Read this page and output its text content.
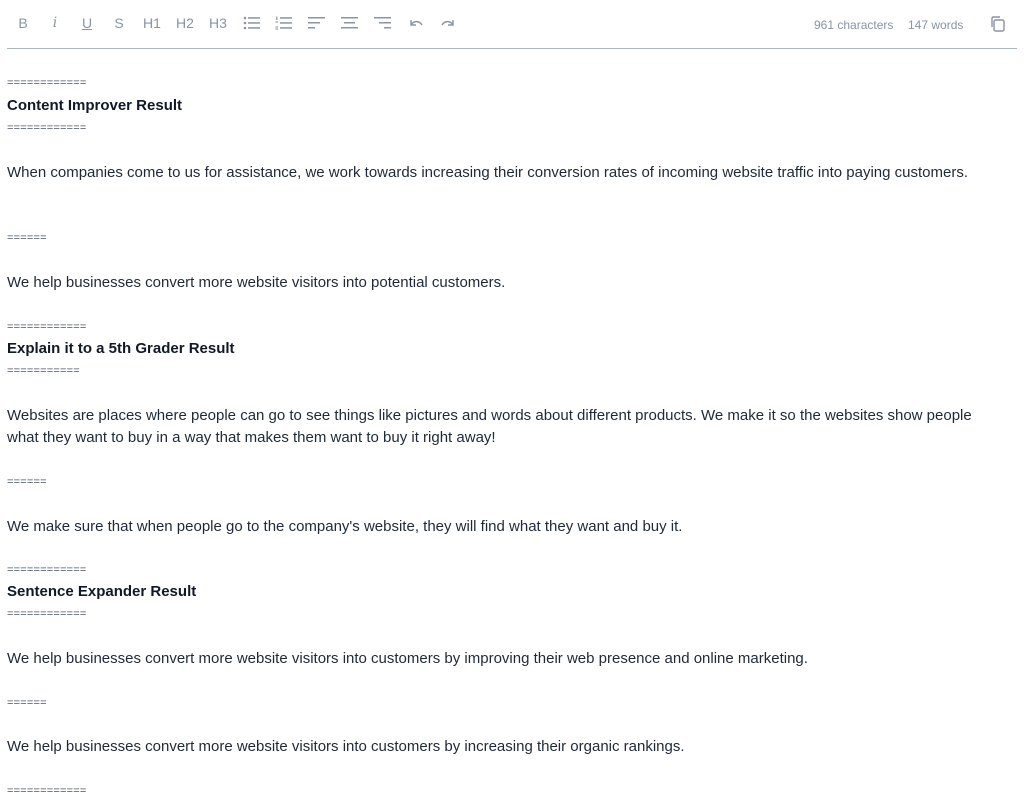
B	i	U S H1 H2 H3	961 characters 147 words
============
Content Improver Result
============
When companies come to us for assistance, we work towards increasing their conversion rates of incoming website traffic into paying customers.
======
We help businesses convert more website visitors into potential customers.
============
Explain it to a 5th Grader Result
===========
Websites are places where people can go to see things like pictures and words about different products. We make it so the websites show people what they want to buy in a way that makes them want to buy it right away!
======
We make sure that when people go to the company's website, they will find what they want and buy it.
============
Sentence Expander Result
============
We help businesses convert more website visitors into customers by improving their web presence and online marketing.
======
We help businesses convert more website visitors into customers by increasing their organic rankings.
============
